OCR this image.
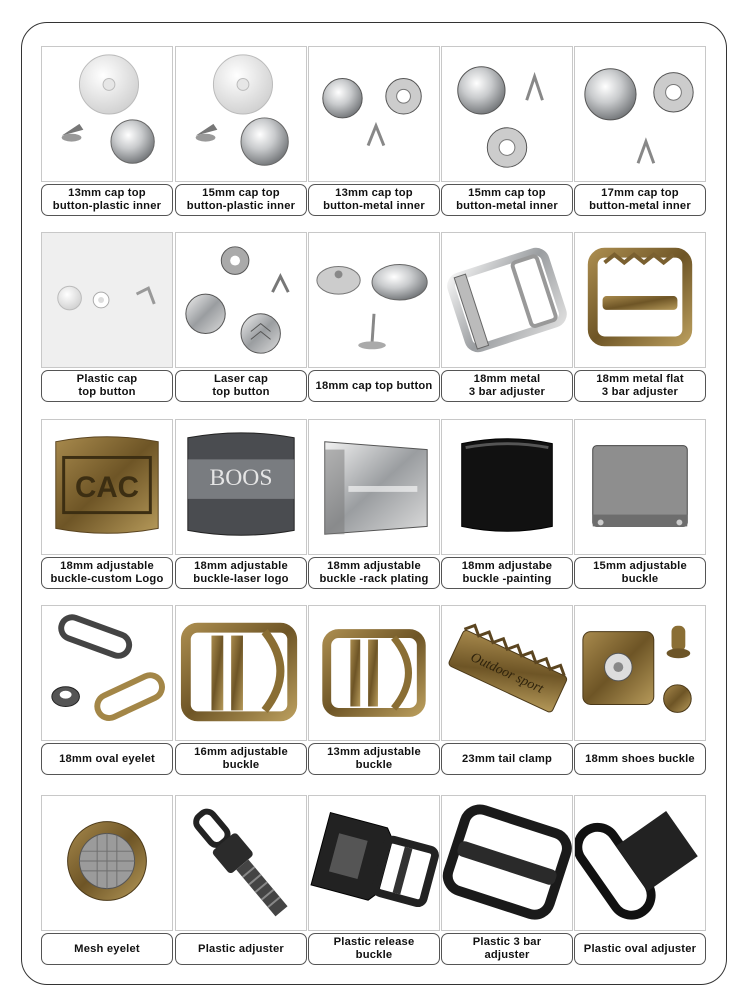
13mm cap top
button-plastic inner
15mm cap top
button-plastic inner
13mm cap top
button-metal inner
15mm cap top
button-metal inner
17mm cap top
button-metal inner
Plastic cap
top button
Laser cap
top button
18mm cap top button
18mm metal
3 bar adjuster
18mm metal flat
3 bar adjuster
CAC
18mm adjustable
buckle-custom Logo
BOOS
18mm adjustable
buckle-laser logo
18mm adjustable
buckle -rack plating
18mm adjustabe
buckle -painting
15mm adjustable
buckle
18mm oval eyelet
16mm adjustable
buckle
13mm adjustable
buckle
Outdoor sport
23mm tail clamp	18mm shoes buckle
Mesh eyelet	Plastic adjuster
Plastic release
buckle
Plastic 3 bar
adjuster
Plastic oval adjuster
